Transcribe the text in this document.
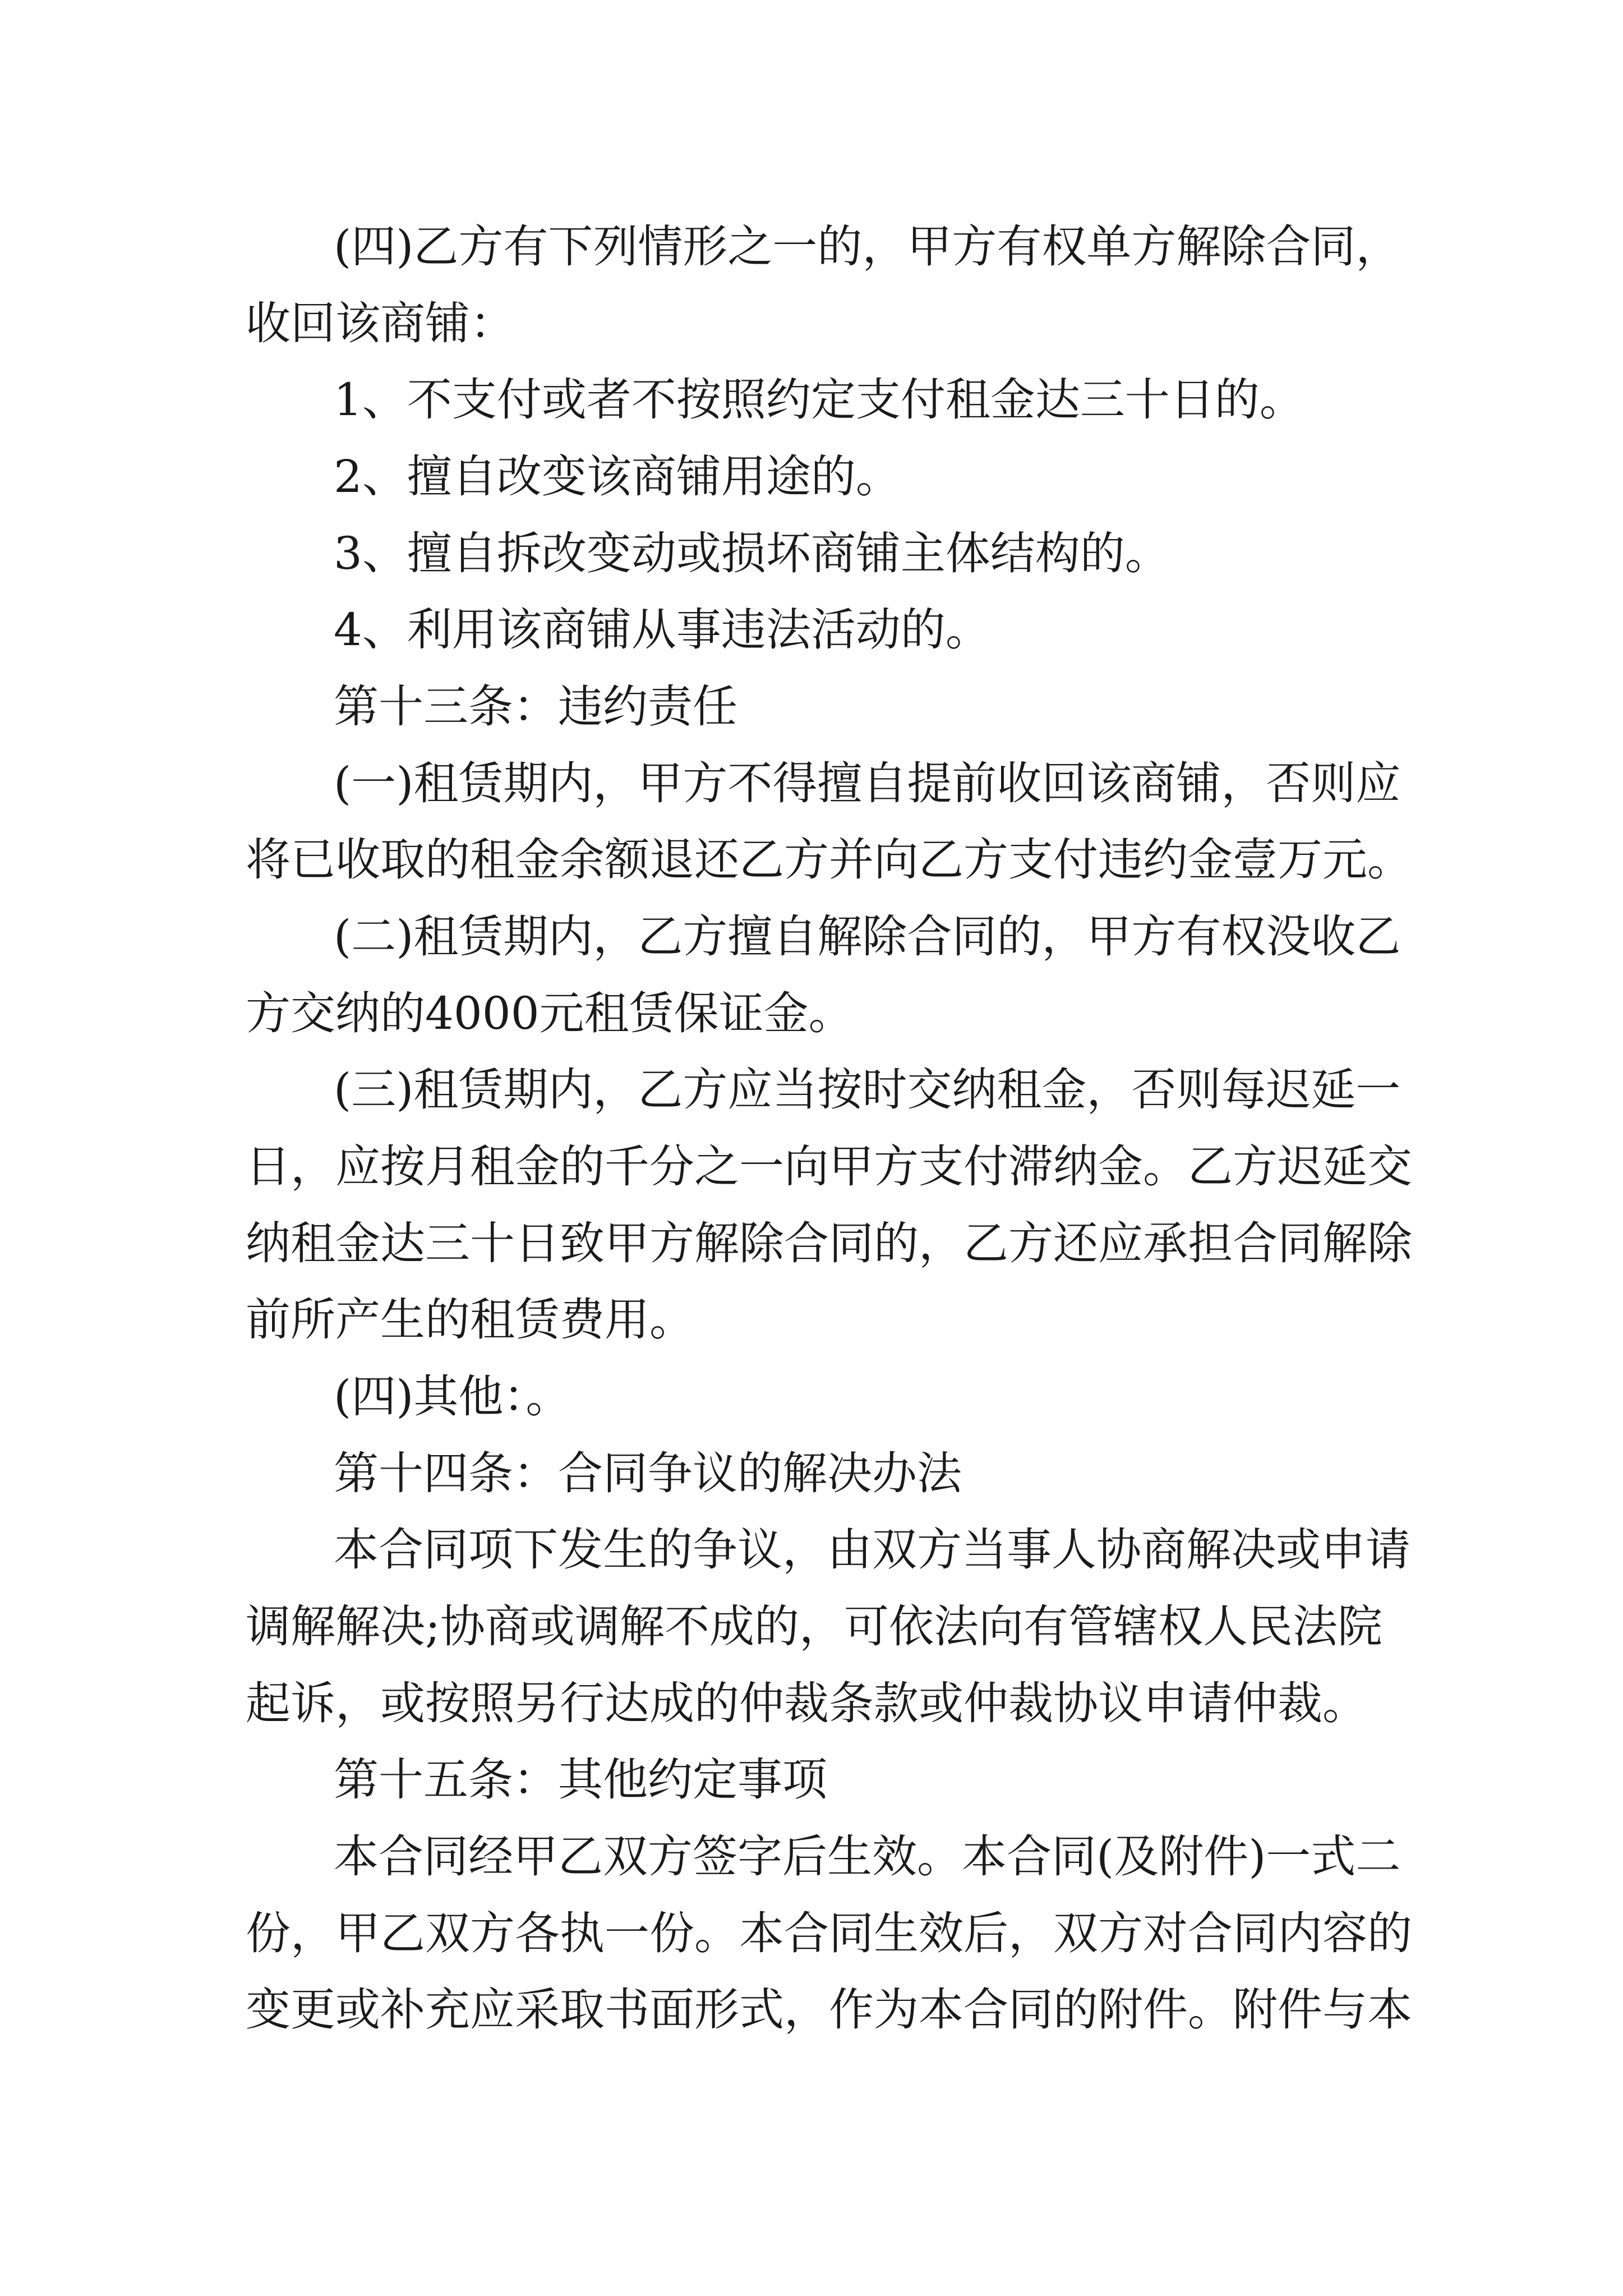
(四)乙方有下列情形之一的，甲方有权单方解除合同，
收回该商铺：
1、不支付或者不按照约定支付租金达三十日的。
2、擅自改变该商铺用途的。
3、擅自拆改变动或损坏商铺主体结构的。
4、利用该商铺从事违法活动的。
第十三条：违约责任
(一)租赁期内，甲方不得擅自提前收回该商铺，否则应
将已收取的租金余额退还乙方并向乙方支付违约金壹万元。
(二)租赁期内，乙方擅自解除合同的，甲方有权没收乙
方交纳的4000元租赁保证金。
(三)租赁期内，乙方应当按时交纳租金，否则每迟延一
日，应按月租金的千分之一向甲方支付滞纳金。乙方迟延交
纳租金达三十日致甲方解除合同的，乙方还应承担合同解除
前所产生的租赁费用。
(四)其他：。
第十四条：合同争议的解决办法
本合同项下发生的争议，由双方当事人协商解决或申请
调解解决;协商或调解不成的，可依法向有管辖权人民法院
起诉，或按照另行达成的仲裁条款或仲裁协议申请仲裁。
第十五条：其他约定事项
本合同经甲乙双方签字后生效。本合同(及附件)一式二
份，甲乙双方各执一份。本合同生效后，双方对合同内容的
变更或补充应采取书面形式，作为本合同的附件。附件与本
